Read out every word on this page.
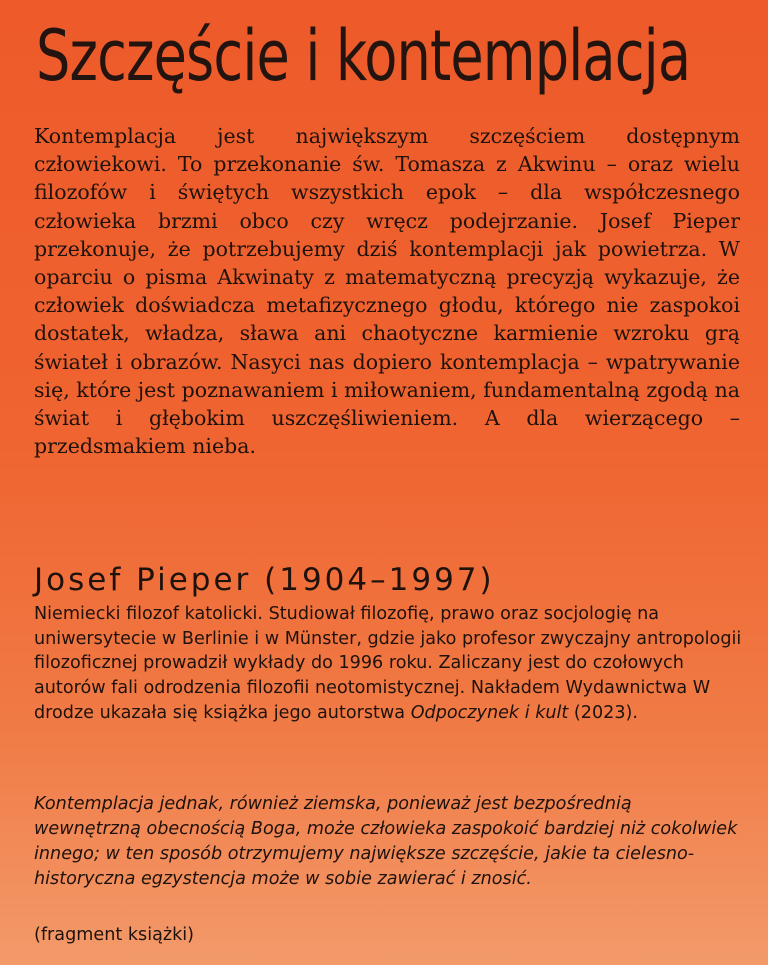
Szczęście i kontemplacja

Kontemplacja jest największym szczęściem dostępnym człowiekowi. To przekonanie św. Tomasza z Akwinu – oraz wielu filozofów i świętych wszystkich epok – dla współczesnego człowieka brzmi obco czy wręcz podejrzanie. Josef Pieper przekonuje, że potrzebujemy dziś kontemplacji jak powietrza. W oparciu o pisma Akwinaty z matematyczną precyzją wykazuje, że człowiek doświadcza metafizycznego głodu, którego nie zaspokoi dostatek, władza, sława ani chaotyczne karmienie wzroku grą świateł i obrazów. Nasyci nas dopiero kontemplacja – wpatrywanie się, które jest poznawaniem i miłowaniem, fundamentalną zgodą na świat i głębokim uszczęśliwieniem. A dla wierzącego – przedsmakiem nieba.

Josef Pieper (1904–1997)

Niemiecki filozof katolicki. Studiował filozofię, prawo oraz socjologię na uniwersytecie w Berlinie i w Münster, gdzie jako profesor zwyczajny antropologii filozoficznej prowadził wykłady do 1996 roku. Zaliczany jest do czołowych autorów fali odrodzenia filozofii neotomistycznej. Nakładem Wydawnictwa W drodze ukazała się książka jego autorstwa Odpoczynek i kult (2023).

Kontemplacja jednak, również ziemska, ponieważ jest bezpośrednią wewnętrzną obecnością Boga, może człowieka zaspokoić bardziej niż cokolwiek innego; w ten sposób otrzymujemy największe szczęście, jakie ta cielesno-historyczna egzystencja może w sobie zawierać i znosić.

(fragment książki)
